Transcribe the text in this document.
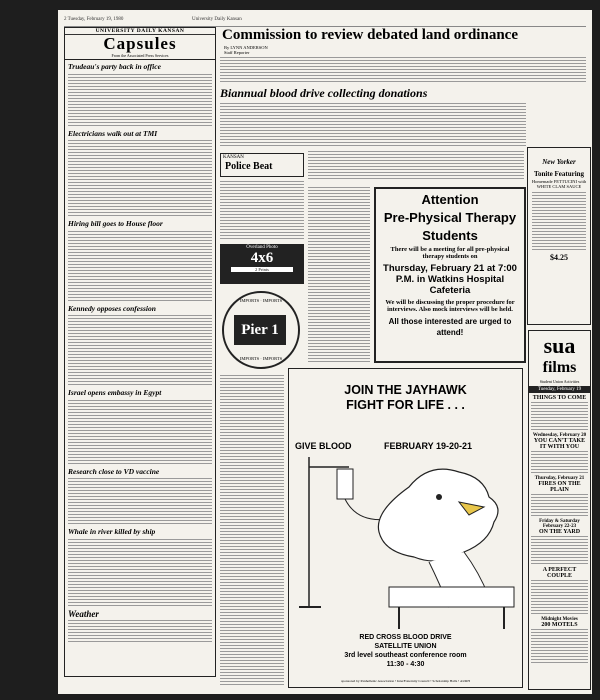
2 Tuesday, February 19, 1980	University Daily Kansan
UNIVERSITY DAILY KANSAN
Capsules
From the Associated Press Services
Trudeau's party back in office
Electricians walk out at TMI
Hiring bill goes to House floor
Kennedy opposes confession
Israel opens embassy in Egypt
Research close to VD vaccine
Whale in river killed by ship
Weather
Commission to review debated land ordinance
By LYNN ANDERSON
Staff Reporter
Biannual blood drive collecting donations
KANSAN
Police Beat
Overland Photo
4x6
2 Prints
IMPORTS · IMPORTS
Pier 1
IMPORTS · IMPORTS
Attention
Pre-Physical Therapy
Students
There will be a meeting for all pre-physical therapy students on
Thursday, February 21 at 7:00 P.M. in Watkins Hospital Cafeteria
We will be discussing the proper procedure for interviews. Also mock interviews will be held.
All those interested are urged to attend!
New Yorker
Tonite Featuring
Homemade FETTUCINI with WHITE CLAM SAUCE
$4.25
sua
films
Student Union Activities
Tuesday, February 19
THINGS TO COME
Wednesday, February 20
YOU CAN'T TAKE IT WITH YOU
Thursday, February 21
FIRES ON THE PLAIN
Friday & Saturday February 22-23
ON THE YARD
A PERFECT COUPLE
Midnight Movies
200 MOTELS
JOIN THE JAYHAWK
FIGHT FOR LIFE . . .
GIVE BLOOD	FEBRUARY 19-20-21
RED CROSS BLOOD DRIVE
SATELLITE UNION
3rd level southeast conference room
11:30 - 4:30
sponsored by Panhellenic Association • InterFraternity Council • Scholarship Halls • AURH
